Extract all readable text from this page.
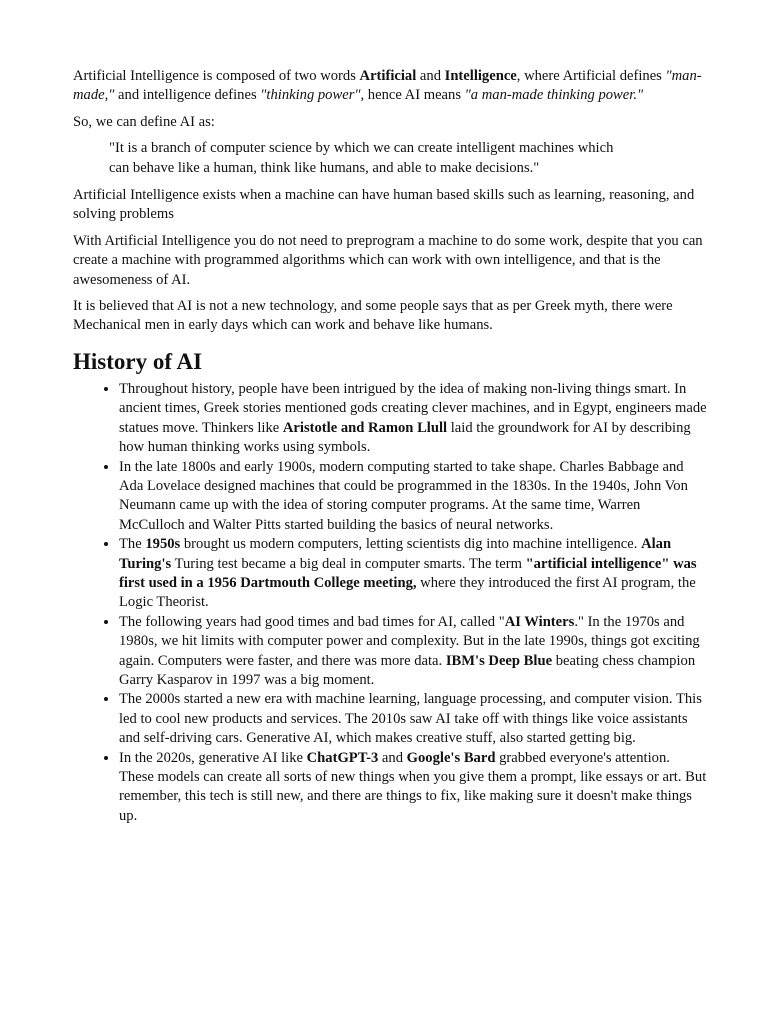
Artificial Intelligence is composed of two words Artificial and Intelligence, where Artificial defines "man-made," and intelligence defines "thinking power", hence AI means "a man-made thinking power."

So, we can define AI as:

"It is a branch of computer science by which we can create intelligent machines which
can behave like a human, think like humans, and able to make decisions."

Artificial Intelligence exists when a machine can have human based skills such as learning, reasoning, and solving problems

With Artificial Intelligence you do not need to preprogram a machine to do some work, despite that you can create a machine with programmed algorithms which can work with own intelligence, and that is the awesomeness of AI.

It is believed that AI is not a new technology, and some people says that as per Greek myth, there were Mechanical men in early days which can work and behave like humans.

History of AI
• Throughout history, people have been intrigued by the idea of making non-living things smart. In ancient times, Greek stories mentioned gods creating clever machines, and in Egypt, engineers made statues move. Thinkers like Aristotle and Ramon Llull laid the groundwork for AI by describing how human thinking works using symbols.
• In the late 1800s and early 1900s, modern computing started to take shape. Charles Babbage and Ada Lovelace designed machines that could be programmed in the 1830s. In the 1940s, John Von Neumann came up with the idea of storing computer programs. At the same time, Warren McCulloch and Walter Pitts started building the basics of neural networks.
• The 1950s brought us modern computers, letting scientists dig into machine intelligence. Alan Turing's Turing test became a big deal in computer smarts. The term "artificial intelligence" was first used in a 1956 Dartmouth College meeting, where they introduced the first AI program, the Logic Theorist.
• The following years had good times and bad times for AI, called "AI Winters." In the 1970s and 1980s, we hit limits with computer power and complexity. But in the late 1990s, things got exciting again. Computers were faster, and there was more data. IBM's Deep Blue beating chess champion Garry Kasparov in 1997 was a big moment.
• The 2000s started a new era with machine learning, language processing, and computer vision. This led to cool new products and services. The 2010s saw AI take off with things like voice assistants and self-driving cars. Generative AI, which makes creative stuff, also started getting big.
• In the 2020s, generative AI like ChatGPT-3 and Google's Bard grabbed everyone's attention. These models can create all sorts of new things when you give them a prompt, like essays or art. But remember, this tech is still new, and there are things to fix, like making sure it doesn't make things up.
